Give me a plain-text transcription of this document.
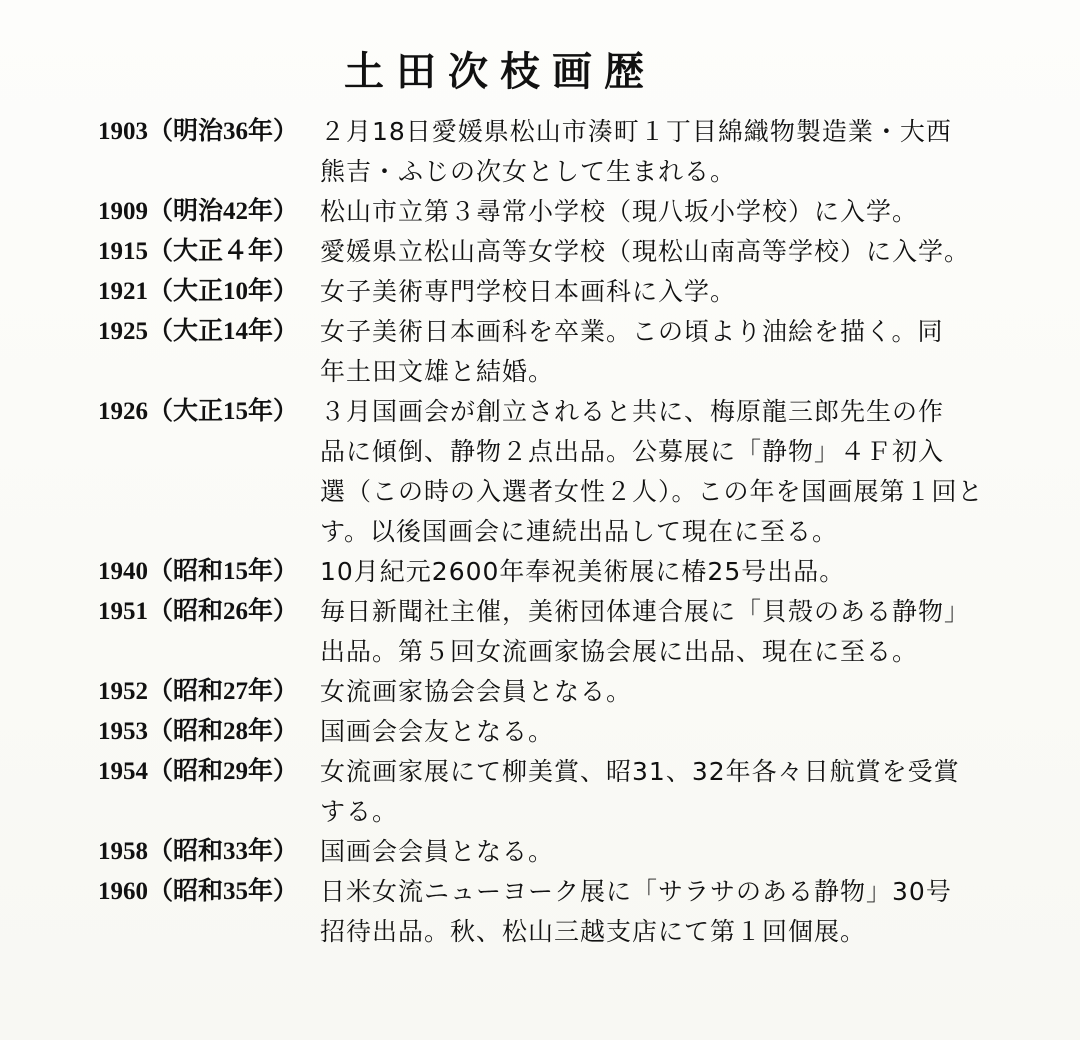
土田次枝画歴
1903（明治36年） ２月18日愛媛県松山市湊町１丁目綿織物製造業・大西
熊吉・ふじの次女として生まれる。
1909（明治42年） 松山市立第３尋常小学校（現八坂小学校）に入学。
1915（大正４年） 愛媛県立松山高等女学校（現松山南高等学校）に入学。
1921（大正10年） 女子美術専門学校日本画科に入学。
1925（大正14年） 女子美術日本画科を卒業。この頃より油絵を描く。同
年土田文雄と結婚。
1926（大正15年） ３月国画会が創立されると共に、梅原龍三郎先生の作
品に傾倒、静物２点出品。公募展に「静物」４Ｆ初入
選（この時の入選者女性２人）。この年を国画展第１回と
す。以後国画会に連続出品して現在に至る。
1940（昭和15年） 10月紀元2600年奉祝美術展に椿25号出品。
1951（昭和26年） 毎日新聞社主催，美術団体連合展に「貝殻のある静物」
出品。第５回女流画家協会展に出品、現在に至る。
1952（昭和27年） 女流画家協会会員となる。
1953（昭和28年） 国画会会友となる。
1954（昭和29年） 女流画家展にて柳美賞、昭31、32年各々日航賞を受賞
する。
1958（昭和33年） 国画会会員となる。
1960（昭和35年） 日米女流ニューヨーク展に「サラサのある静物」30号
招待出品。秋、松山三越支店にて第１回個展。
